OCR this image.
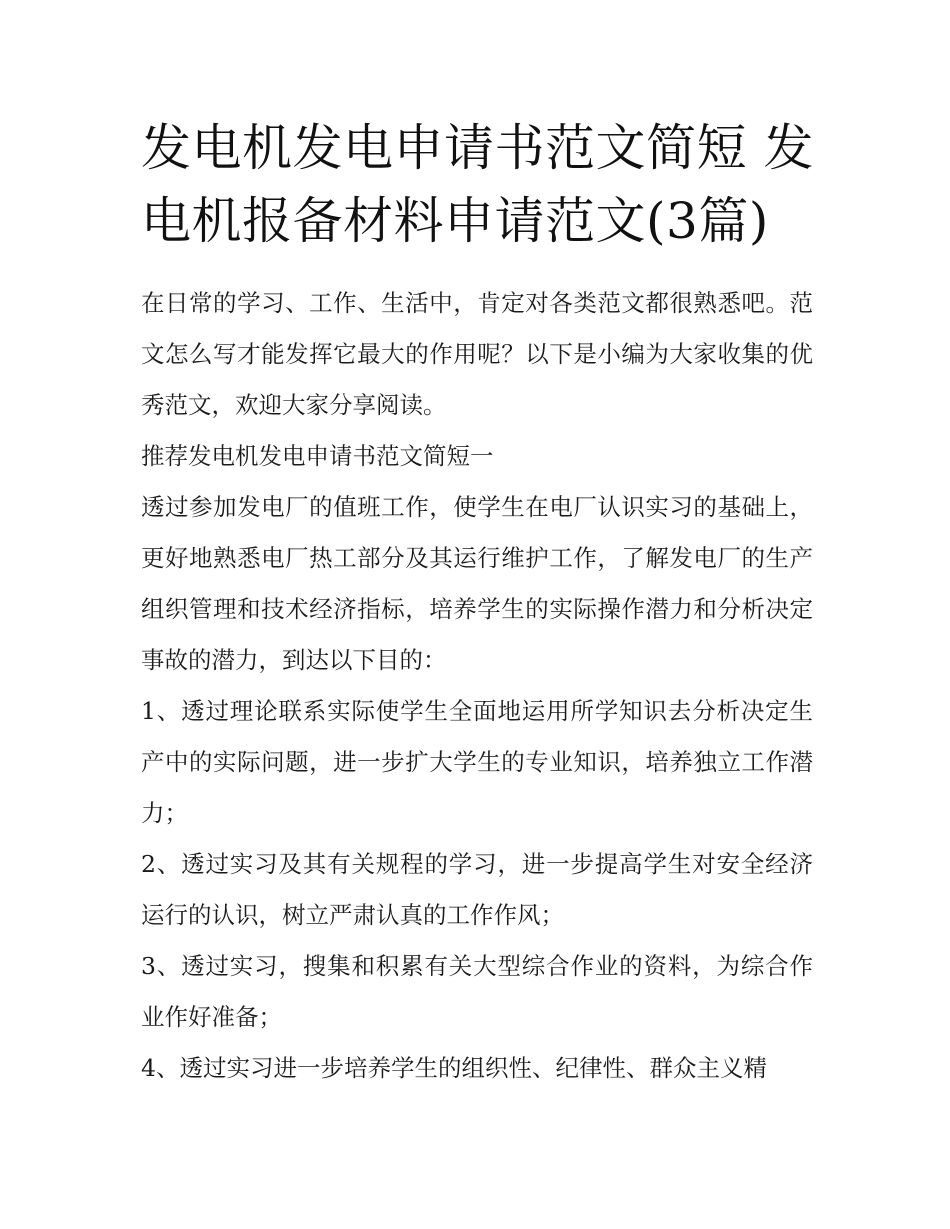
发电机发电申请书范文简短 发电机报备材料申请范文(3篇)

在日常的学习、工作、生活中，肯定对各类范文都很熟悉吧。范文怎么写才能发挥它最大的作用呢？以下是小编为大家收集的优秀范文，欢迎大家分享阅读。

推荐发电机发电申请书范文简短一

透过参加发电厂的值班工作，使学生在电厂认识实习的基础上，更好地熟悉电厂热工部分及其运行维护工作，了解发电厂的生产组织管理和技术经济指标，培养学生的实际操作潜力和分析决定事故的潜力，到达以下目的：

1、透过理论联系实际使学生全面地运用所学知识去分析决定生产中的实际问题，进一步扩大学生的专业知识，培养独立工作潜力；

2、透过实习及其有关规程的学习，进一步提高学生对安全经济运行的认识，树立严肃认真的工作作风；

3、透过实习，搜集和积累有关大型综合作业的资料，为综合作业作好准备；

4、透过实习进一步培养学生的组织性、纪律性、群众主义精
